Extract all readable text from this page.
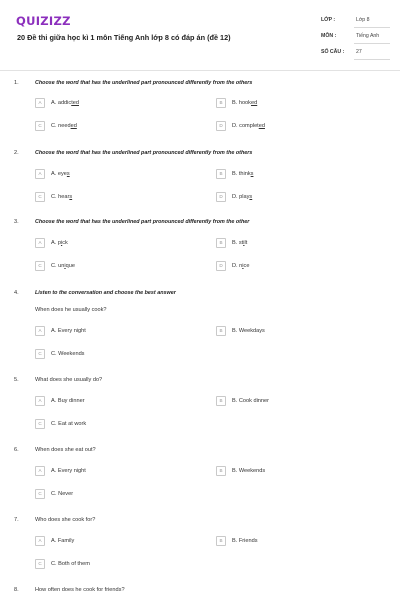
QUIZIZZ
20 Đề thi giữa học kì 1 môn Tiếng Anh lớp 8 có đáp án (đề 12)
LỚP :	Lớp 8
MÔN :	Tiếng Anh
SỐ CÂU : 27
1.	Choose the word that has the underlined part pronounced differently from the others
A	A. addicted	B	B. hooked
C	C. needed	D	D. completed
2.	Choose the word that has the underlined part pronounced differently from the others
A	A. eyes	B	B. thinks
C	C. hears	D	D. plays
3.	Choose the word that has the underlined part pronounced differently from the other
A	A. pick	B	B. stilt
C	C. unique	D	D. nice
4.	Listen to the conversation and choose the best answer
When does he usually cook?
A	A. Every night	B	B. Weekdays
C	C. Weekends
5.	What does she usually do?
A	A. Buy dinner	B	B. Cook dinner
C	C. Eat at work
6.	When does she eat out?
A	A. Every night	B	B. Weekends
C	C. Never
7.	Who does she cook for?
A	A. Family	B	B. Friends
C	C. Both of them
8.	How often does he cook for friends?
